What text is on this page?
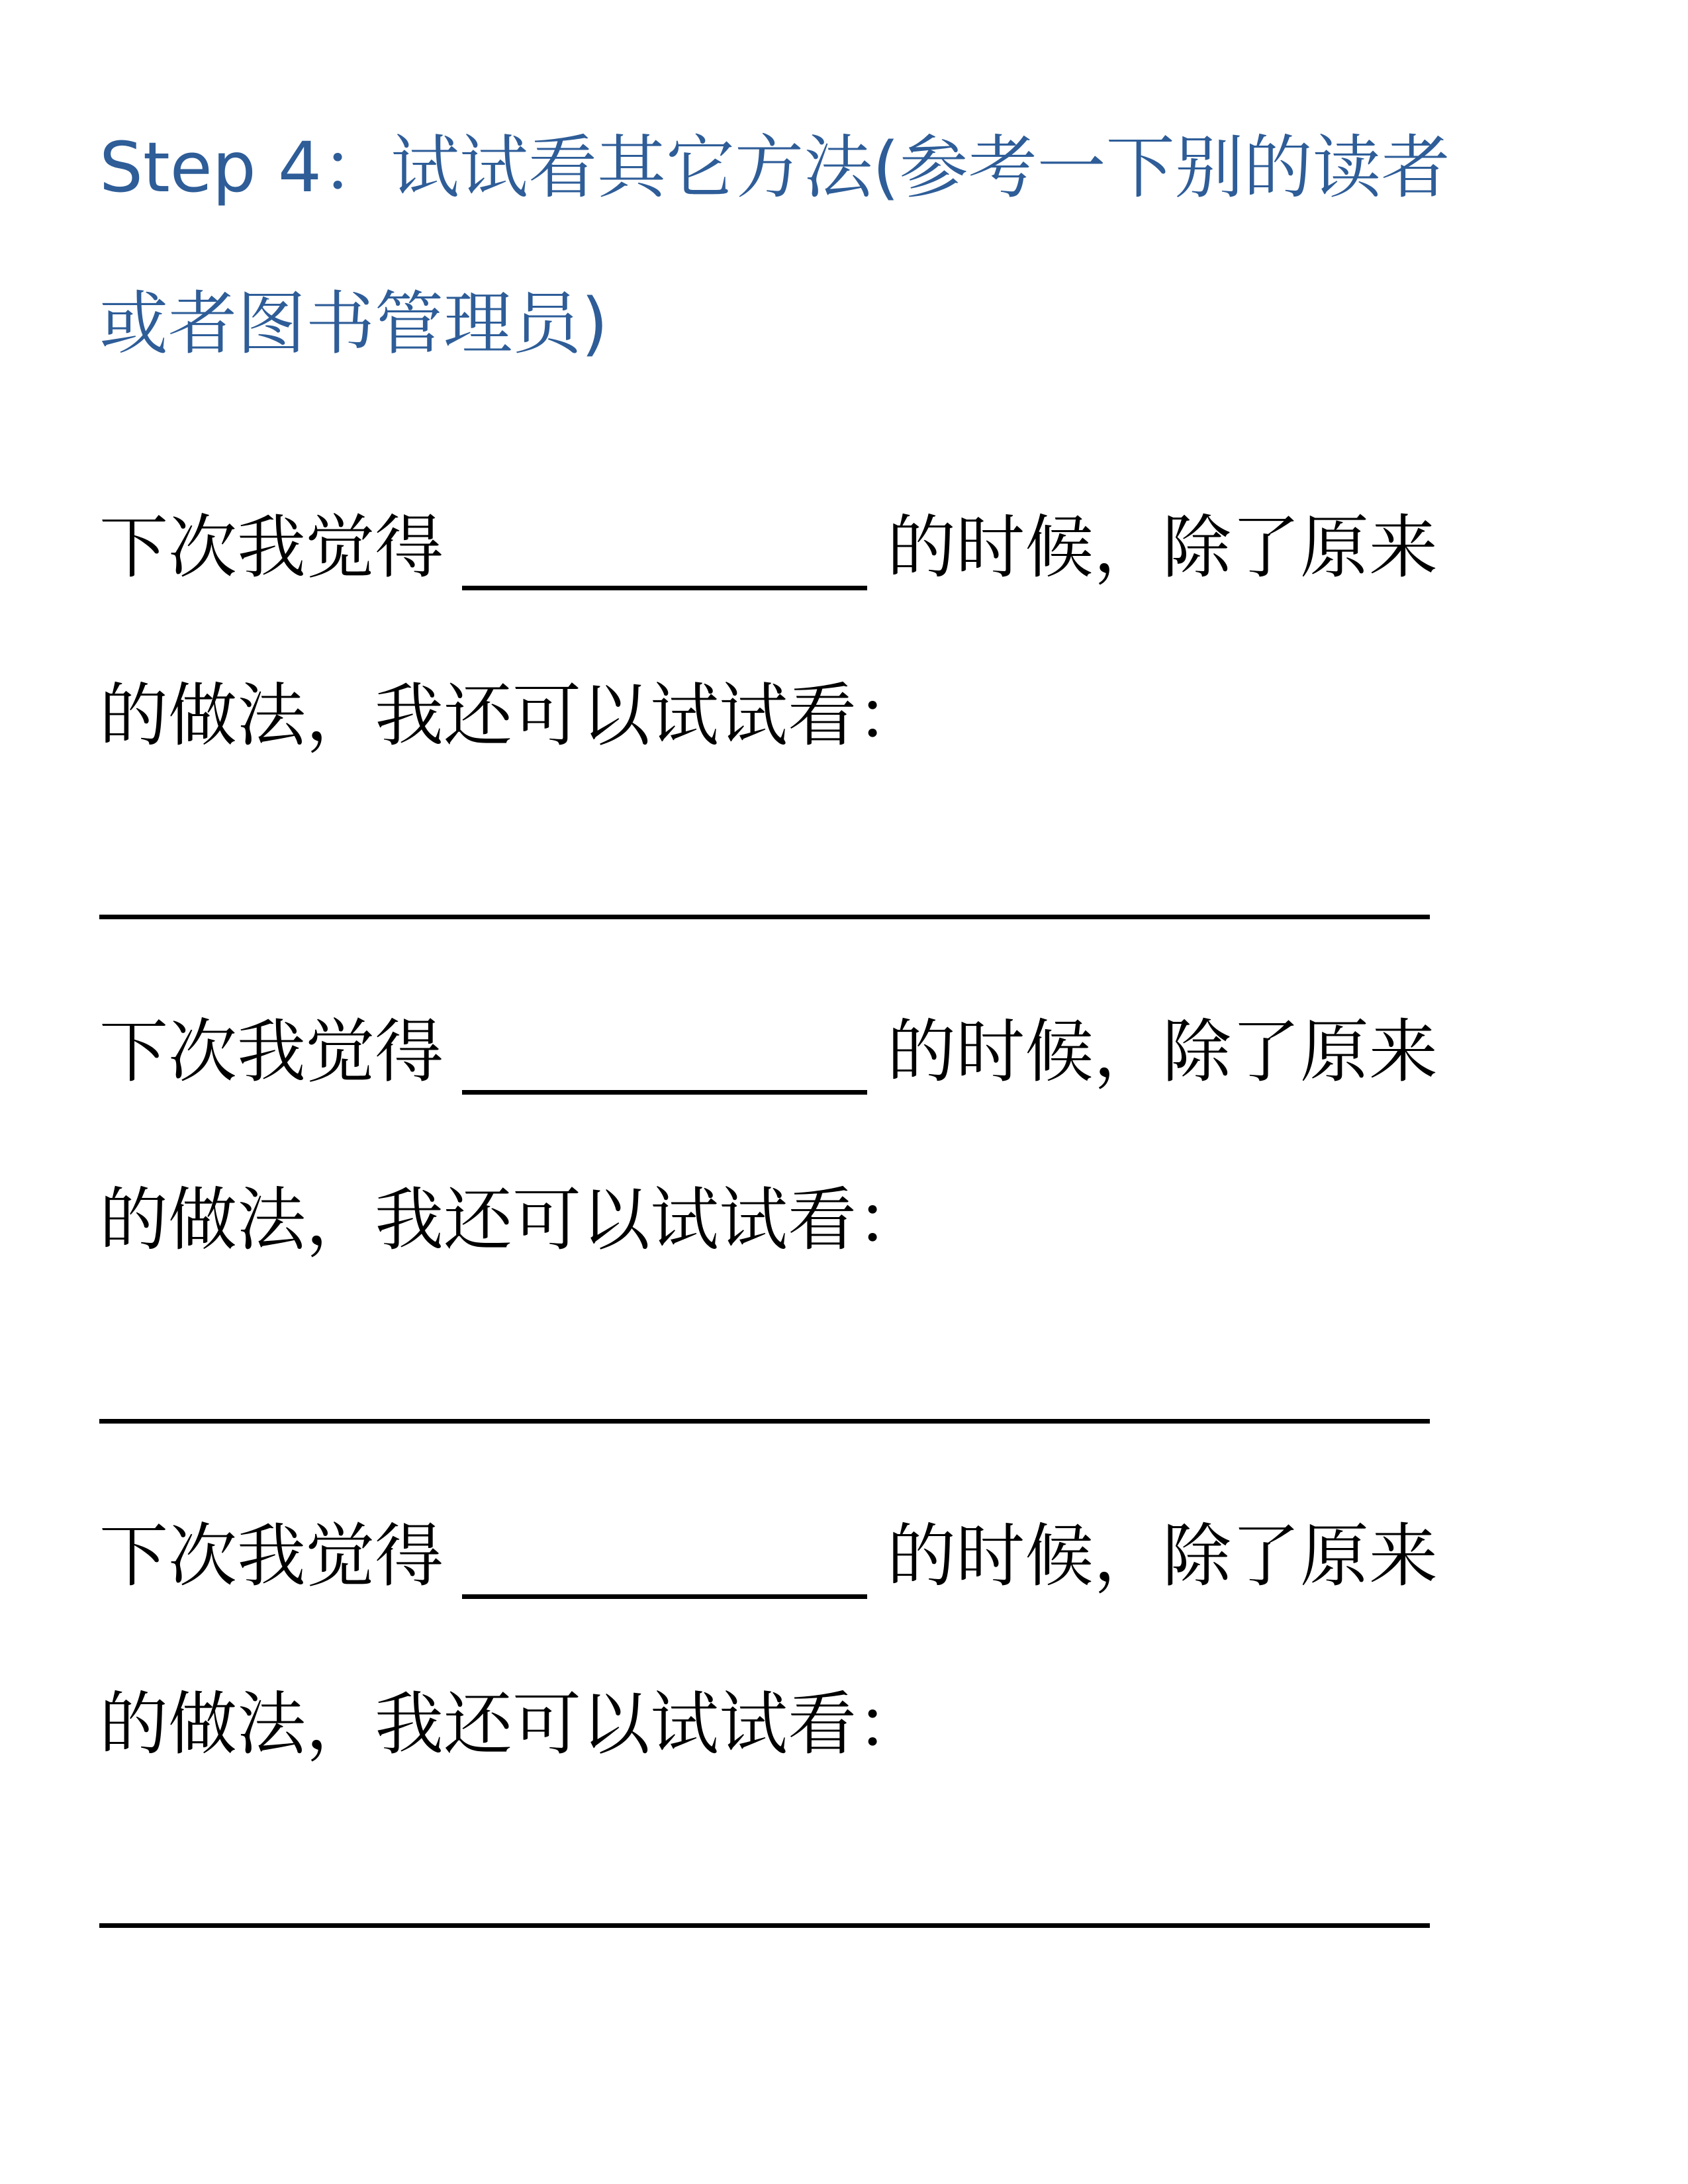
Step 4：试试看其它方法(参考一下别的读者
或者图书管理员)
下次我觉得	的时候，除了原来
的做法，我还可以试试看：
下次我觉得	的时候，除了原来
的做法，我还可以试试看：
下次我觉得	的时候，除了原来
的做法，我还可以试试看：
